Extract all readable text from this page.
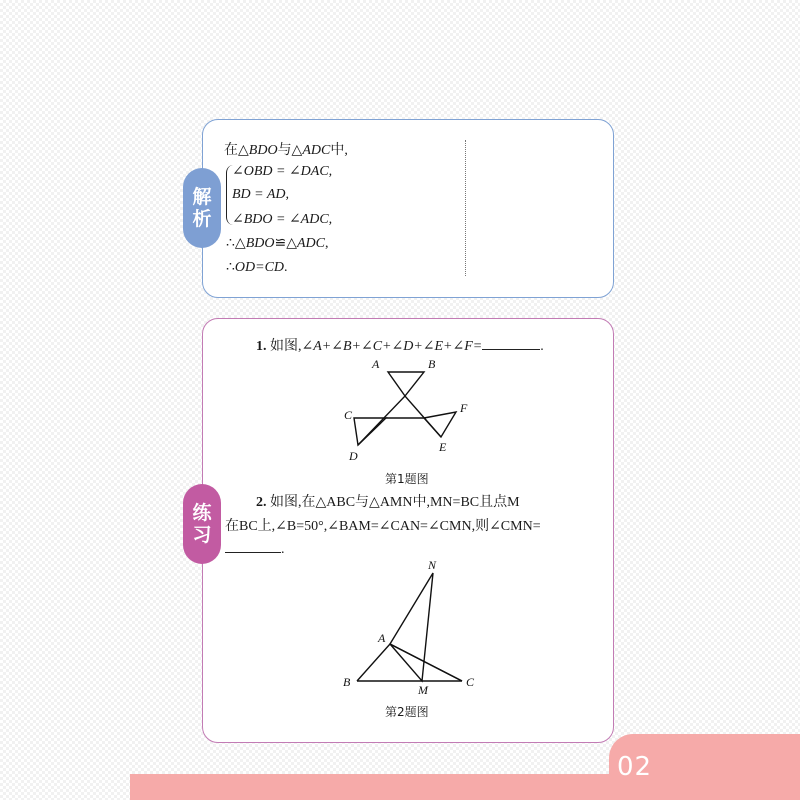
解
析
在△BDO与△ADC中,
∠OBD = ∠DAC,
BD = AD,
∠BDO = ∠ADC,
∴△BDO≌△ADC,
∴OD=CD.
练
习
1. 如图,∠A+∠B+∠C+∠D+∠E+∠F=	.
A	B
C	F
E
D
N
A
B
M
C
第1题图
2. 如图,在△ABC与△AMN中,MN=BC且点M
在BC上,∠B=50°,∠BAM=∠CAN=∠CMN,则∠CMN=
.
第2题图
02
